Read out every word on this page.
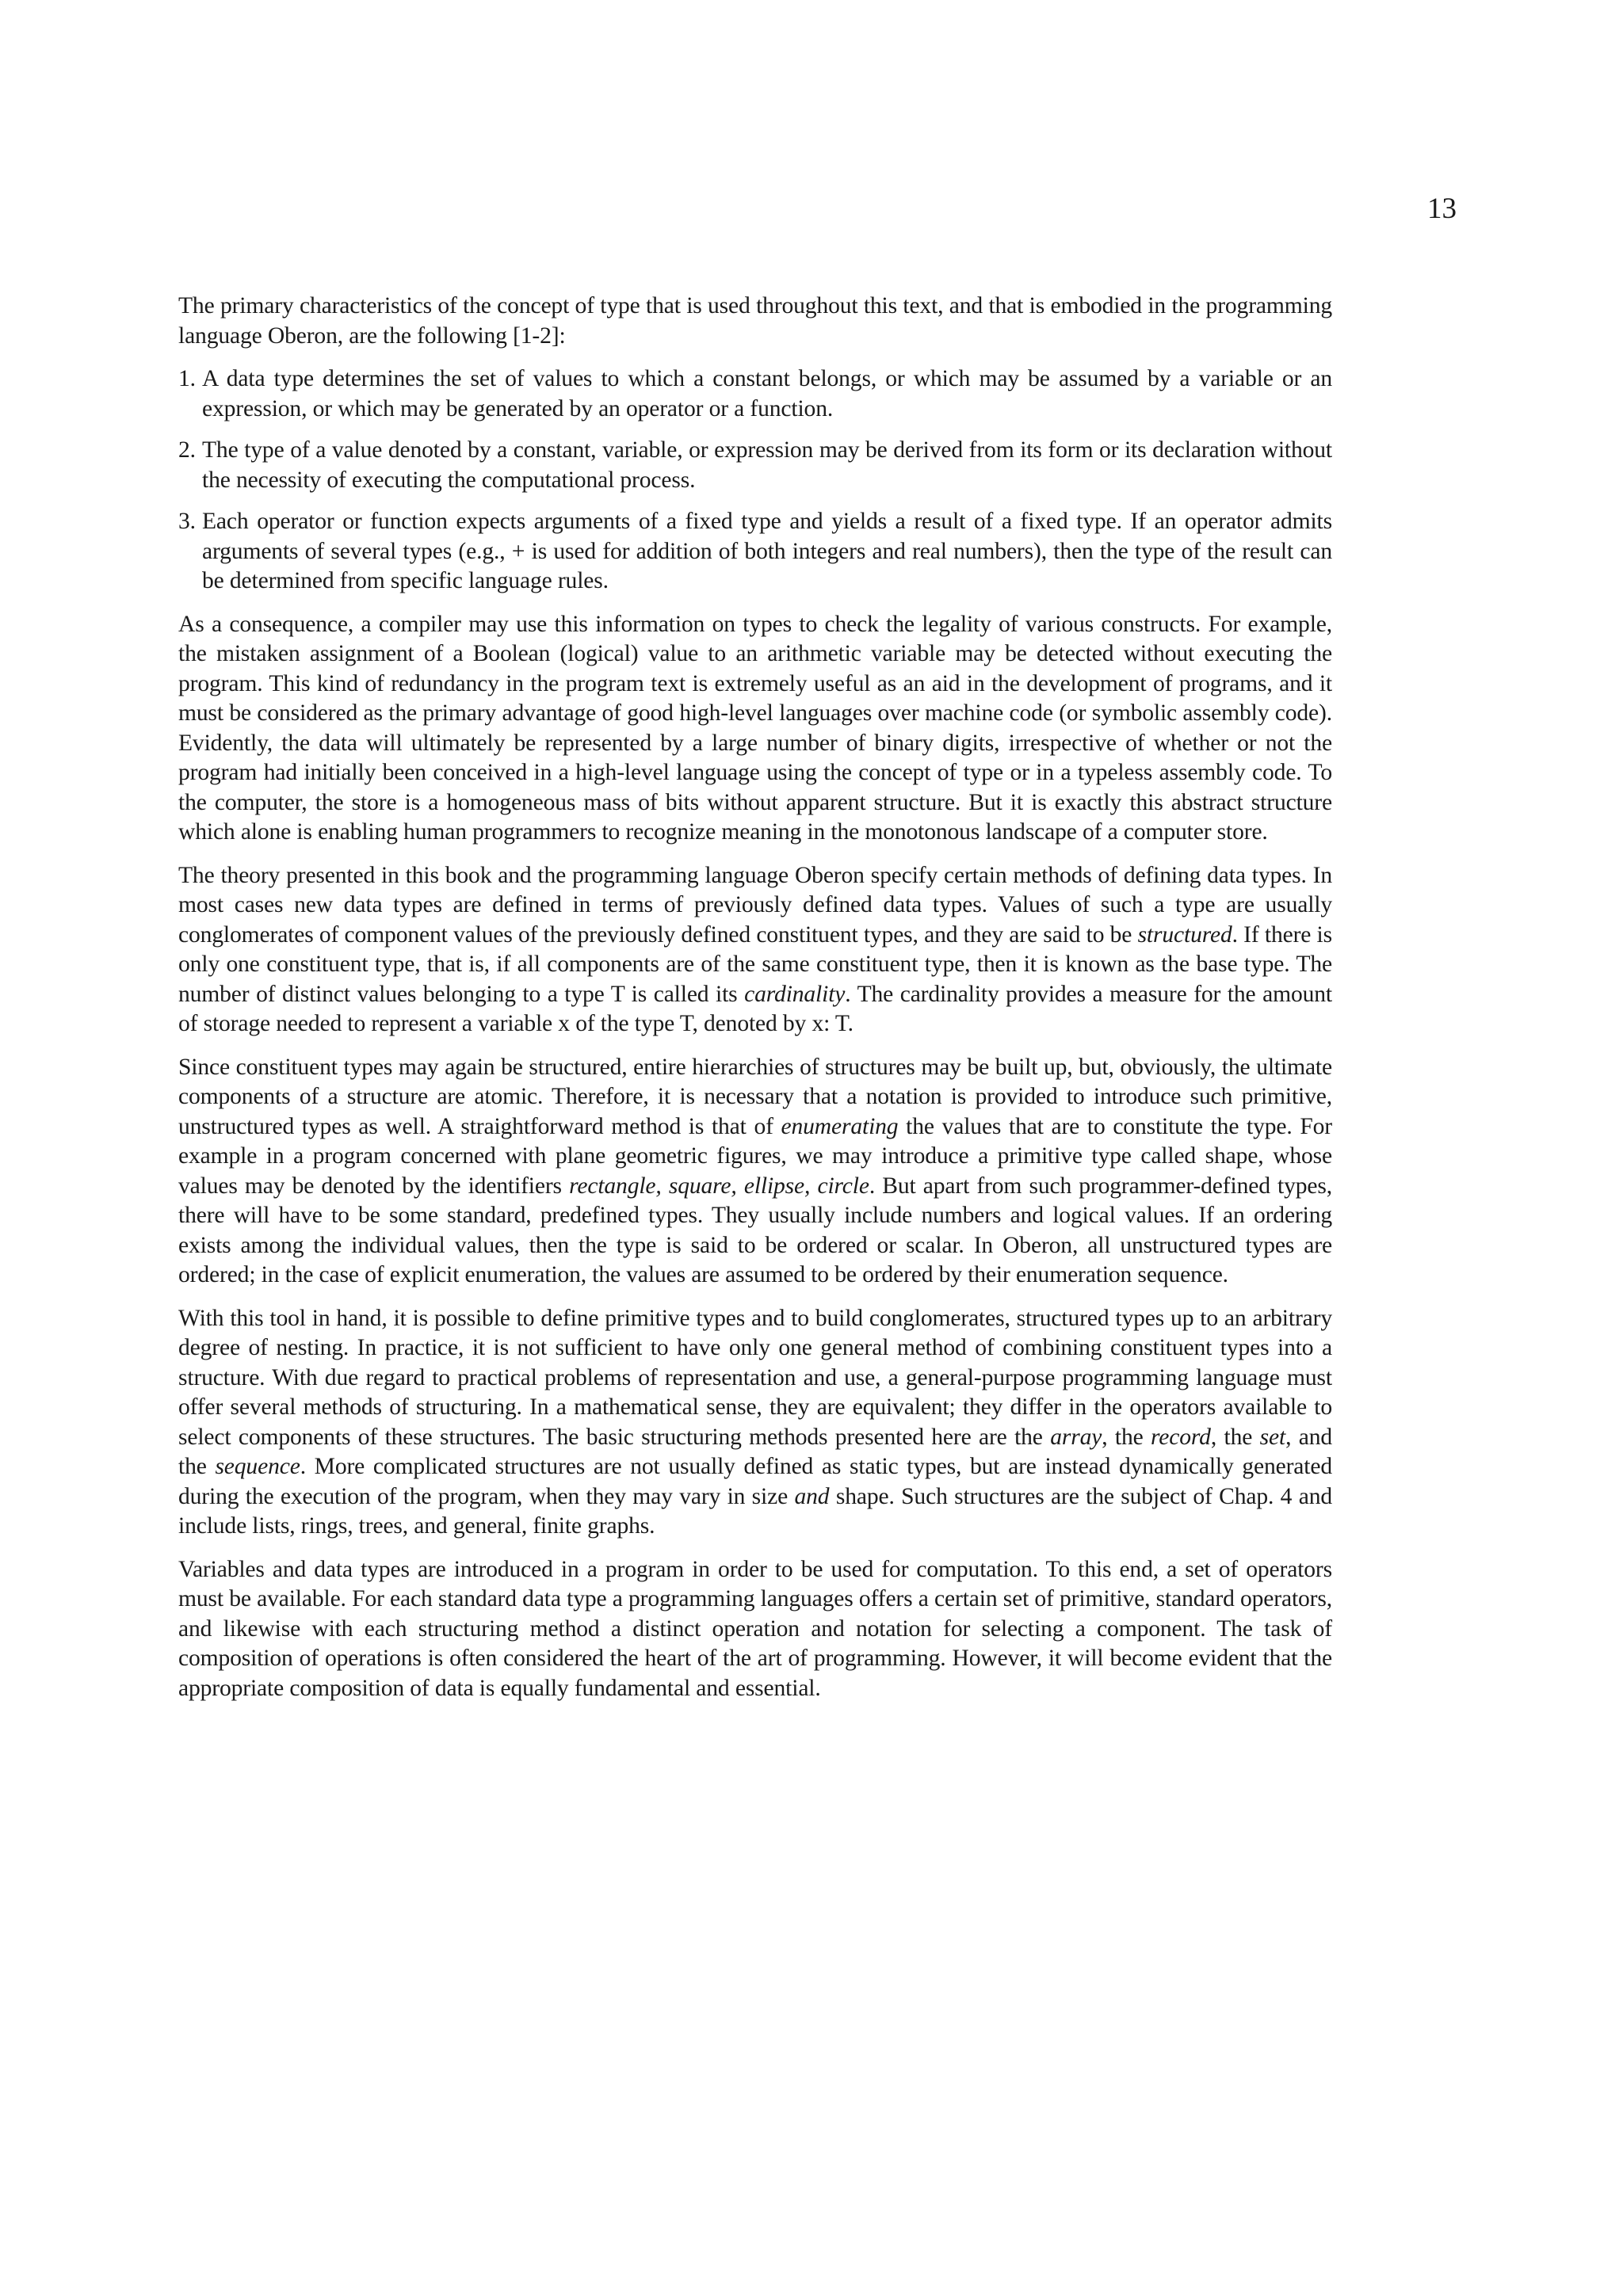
13

The primary characteristics of the concept of type that is used throughout this text, and that is embodied in the programming language Oberon, are the following [1-2]:

1. A data type determines the set of values to which a constant belongs, or which may be assumed by a variable or an expression, or which may be generated by an operator or a function.
2. The type of a value denoted by a constant, variable, or expression may be derived from its form or its declaration without the necessity of executing the computational process.
3. Each operator or function expects arguments of a fixed type and yields a result of a fixed type. If an operator admits arguments of several types (e.g., + is used for addition of both integers and real numbers), then the type of the result can be determined from specific language rules.

As a consequence, a compiler may use this information on types to check the legality of various constructs. For example, the mistaken assignment of a Boolean (logical) value to an arithmetic variable may be detected without executing the program. This kind of redundancy in the program text is extremely useful as an aid in the development of programs, and it must be considered as the primary advantage of good high-level languages over machine code (or symbolic assembly code). Evidently, the data will ultimately be represented by a large number of binary digits, irrespective of whether or not the program had initially been conceived in a high-level language using the concept of type or in a typeless assembly code. To the computer, the store is a homogeneous mass of bits without apparent structure. But it is exactly this abstract structure which alone is enabling human programmers to recognize meaning in the monotonous landscape of a computer store.

The theory presented in this book and the programming language Oberon specify certain methods of defining data types. In most cases new data types are defined in terms of previously defined data types. Values of such a type are usually conglomerates of component values of the previously defined constituent types, and they are said to be structured. If there is only one constituent type, that is, if all components are of the same constituent type, then it is known as the base type. The number of distinct values belonging to a type T is called its cardinality. The cardinality provides a measure for the amount of storage needed to represent a variable x of the type T, denoted by x: T.

Since constituent types may again be structured, entire hierarchies of structures may be built up, but, obviously, the ultimate components of a structure are atomic. Therefore, it is necessary that a notation is provided to introduce such primitive, unstructured types as well. A straightforward method is that of enumerating the values that are to constitute the type. For example in a program concerned with plane geometric figures, we may introduce a primitive type called shape, whose values may be denoted by the identifiers rectangle, square, ellipse, circle. But apart from such programmer-defined types, there will have to be some standard, predefined types. They usually include numbers and logical values. If an ordering exists among the individual values, then the type is said to be ordered or scalar. In Oberon, all unstructured types are ordered; in the case of explicit enumeration, the values are assumed to be ordered by their enumeration sequence.

With this tool in hand, it is possible to define primitive types and to build conglomerates, structured types up to an arbitrary degree of nesting. In practice, it is not sufficient to have only one general method of combining constituent types into a structure. With due regard to practical problems of representation and use, a general-purpose programming language must offer several methods of structuring. In a mathematical sense, they are equivalent; they differ in the operators available to select components of these structures. The basic structuring methods presented here are the array, the record, the set, and the sequence. More complicated structures are not usually defined as static types, but are instead dynamically generated during the execution of the program, when they may vary in size and shape. Such structures are the subject of Chap. 4 and include lists, rings, trees, and general, finite graphs.

Variables and data types are introduced in a program in order to be used for computation. To this end, a set of operators must be available. For each standard data type a programming languages offers a certain set of primitive, standard operators, and likewise with each structuring method a distinct operation and notation for selecting a component. The task of composition of operations is often considered the heart of the art of programming. However, it will become evident that the appropriate composition of data is equally fundamental and essential.
